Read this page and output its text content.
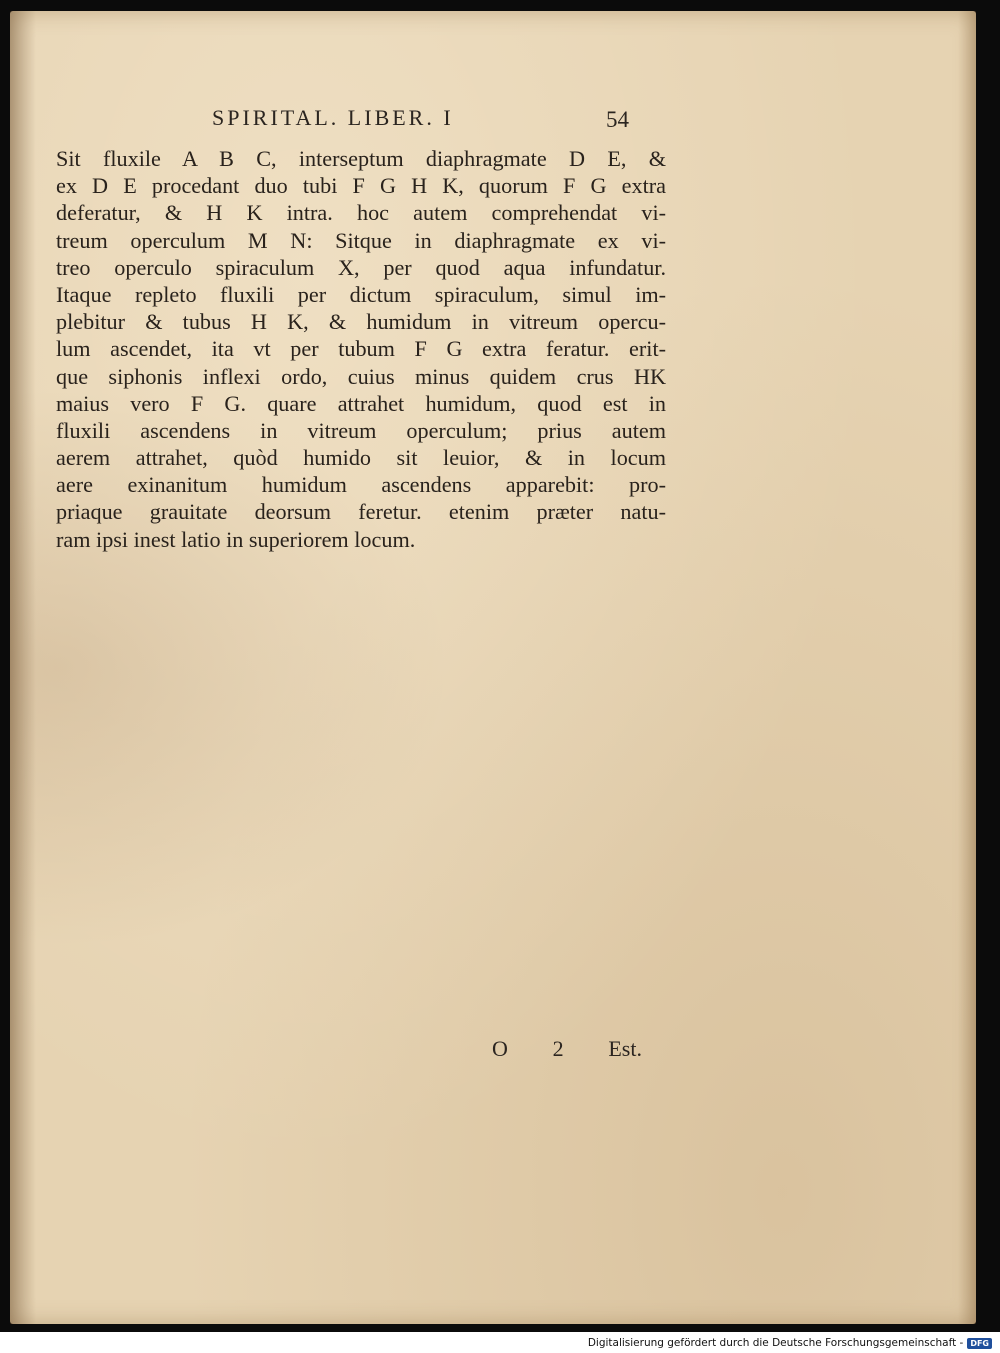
SPIRITAL. LIBER. I	54
Sit fluxile A B C, interseptum diaphragmate D E, &
ex D E procedant duo tubi F G H K, quorum F G extra
deferatur, & H K intra. hoc autem comprehendat vi-
treum operculum M N: Sitque in diaphragmate ex vi-
treo operculo spiraculum X, per quod aqua infundatur.
Itaque repleto fluxili per dictum spiraculum, simul im-
plebitur & tubus H K, & humidum in vitreum opercu-
lum ascendet, ita vt per tubum F G extra feratur. erit-
que siphonis inflexi ordo, cuius minus quidem crus HK
maius vero F G. quare attrahet humidum, quod est in
fluxili ascendens in vitreum operculum; prius autem
aerem attrahet, quòd humido sit leuior, & in locum
aere exinanitum humidum ascendens apparebit: pro-
priaque grauitate deorsum feretur. etenim præter natu-
ram ipsi inest latio in superiorem locum.
O 2 Est.
Digitalisierung gefördert durch die Deutsche Forschungsgemeinschaft - DFG
